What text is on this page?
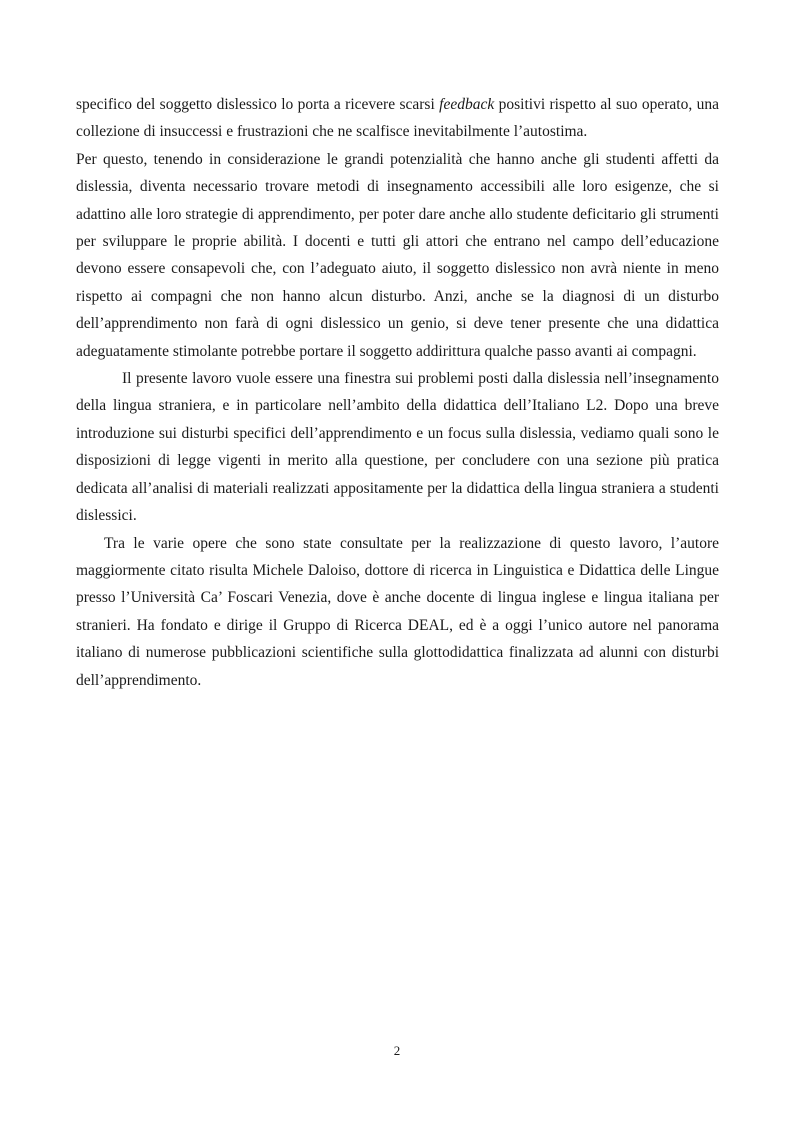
specifico del soggetto dislessico lo porta a ricevere scarsi feedback positivi rispetto al suo operato, una collezione di insuccessi e frustrazioni che ne scalfisce inevitabilmente l’autostima.

Per questo, tenendo in considerazione le grandi potenzialità che hanno anche gli studenti affetti da dislessia, diventa necessario trovare metodi di insegnamento accessibili alle loro esigenze, che si adattino alle loro strategie di apprendimento, per poter dare anche allo studente deficitario gli strumenti per sviluppare le proprie abilità. I docenti e tutti gli attori che entrano nel campo dell’educazione devono essere consapevoli che, con l’adeguato aiuto, il soggetto dislessico non avrà niente in meno rispetto ai compagni che non hanno alcun disturbo. Anzi, anche se la diagnosi di un disturbo dell’apprendimento non farà di ogni dislessico un genio, si deve tener presente che una didattica adeguatamente stimolante potrebbe portare il soggetto addirittura qualche passo avanti ai compagni.

Il presente lavoro vuole essere una finestra sui problemi posti dalla dislessia nell’insegnamento della lingua straniera, e in particolare nell’ambito della didattica dell’Italiano L2. Dopo una breve introduzione sui disturbi specifici dell’apprendimento e un focus sulla dislessia, vediamo quali sono le disposizioni di legge vigenti in merito alla questione, per concludere con una sezione più pratica dedicata all’analisi di materiali realizzati appositamente per la didattica della lingua straniera a studenti dislessici.

Tra le varie opere che sono state consultate per la realizzazione di questo lavoro, l’autore maggiormente citato risulta Michele Daloiso, dottore di ricerca in Linguistica e Didattica delle Lingue presso l’Università Ca’ Foscari Venezia, dove è anche docente di lingua inglese e lingua italiana per stranieri. Ha fondato e dirige il Gruppo di Ricerca DEAL, ed è a oggi l’unico autore nel panorama italiano di numerose pubblicazioni scientifiche sulla glottodidattica finalizzata ad alunni con disturbi dell’apprendimento.

2
